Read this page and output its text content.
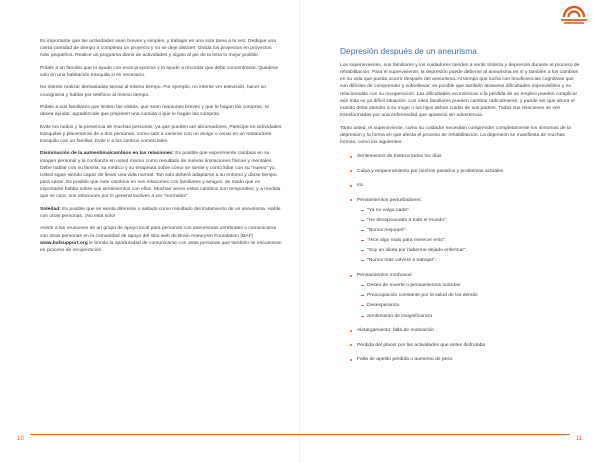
Es importante que las actividades sean breves y simples, y trabajar en una sola tarea a la vez. Dedique una cierta cantidad de tiempo a completar un proyecto y no se deje distraer. Divida los proyectos en proyectos más pequeños. Realice un programa diario de actividades y sígalo al pie de la letra lo mejor posible.

Pídale a un familiar que lo ayude con esos proyectos y lo ayude a recordar que debe concentrarse. Quédese solo en una habitación tranquila si es necesario.

No intente realizar demasiadas tareas al mismo tiempo. Por ejemplo, no intente ver televisión, hacer un crucigrama y hablar por teléfono al mismo tiempo.

Pídale a sus familiares que limiten las visitas, que sean reuniones breves y que le hagan las compras. Si desea ayudar, agradézcale que preparen una comida o que le hagan las compras.

Evite los ruidos y la presencia de muchas personas, ya que pueden ser abrumadores. Participe en actividades tranquilas y placenteras de a dos personas, como salir a caminar con un amigo o cenar en un restaurante tranquilo con un familiar. Evite ir a los centros comerciales.

Disminución de la autoestima/cambios en las relaciones: Es posible que experimente cambios en su imagen personal y la confianza en usted mismo como resultado de nuevas limitaciones físicas y mentales. Debe hablar con su familia, su médico y su terapeuta sobre cómo se siente y cómo lidiar con su "nuevo" yo. Usted sigue siendo capaz de llevar una vida normal. Tan solo deberá adaptarse a su entorno y darse tiempo para sanar. Es posible que note cambios en sus relaciones con familiares y amigos, de modo que es importante hablar sobre sus sentimientos con ellos. Muchas veces estos cambios son temporales; y a medida que se cura, sus relaciones por lo general vuelven a ser "normales".

Soledad: Es posible que se sienta diferente o aislado como resultado del tratamiento de un aneurisma. Hable con otras personas. ¡No está solo!

Asistir a las reuniones de un grupo de apoyo local para personas con aneurismas cerebrales o comunicarse con otras personas en la comunidad de apoyo del sitio web de Brain Aneurysm Foundation (BAF) www.bafsupport.org le brinda la oportunidad de comunicarse con otras personas que también se encuentran en proceso de recuperación.

Depresión después de un aneurisma

Los supervivientes, sus familiares y los cuidadores tienden a sentir tristeza y depresión durante el proceso de rehabilitación. Para el superviviente, la depresión puede deberse al aneurisma en sí y también a los cambios en su vida que pueda ocurrir después del aneurisma. Al tiempo que lucha con insuficiencias cognitivas que son difíciles de comprender y sobrellevar, es posible que también atraviese dificultades imprevisibles y no relacionadas con su recuperación. Las dificultades económicas o la pérdida de un empleo pueden complicar aún más su ya difícil situación. Los roles familiares pueden cambiar radicalmente, y puede ser que ahora el marido deba atender a su mujer o los hijos deban cuidar de sus padres. Todas sus relaciones se ven transformadas por una enfermedad que apareció sin advertencia.

Tanto usted, el superviviente, como su cuidador necesitan comprender completamente los síntomas de la depresión y la forma en que afecta el proceso de rehabilitación. La depresión se manifiesta de muchas formas, como los siguientes:

Sentimientos de tristeza todos los días
Culpa y empeoramiento por hechos pasados y problemas actuales
Ira
Pensamientos perturbadores:
"Ya no valgo nada".
"He decepcionado a todo el mundo".
"Nunca mejoraré".
"Hice algo malo para merecer esto".
"Soy un idiota por haberme dejado enfermar".
"Nunca más volveré a trabajar".
Pensamientos morbosos:
Deseo de muerte o pensamientos suicidas
Preocupación constante por la salud de los demás
Desesperanza
Sentimiento de insignificancia
Aletargamiento: falta de motivación
Pérdida del placer por las actividades que antes disfrutaba
Falta de apetito pérdida o aumento de peso
10	11
